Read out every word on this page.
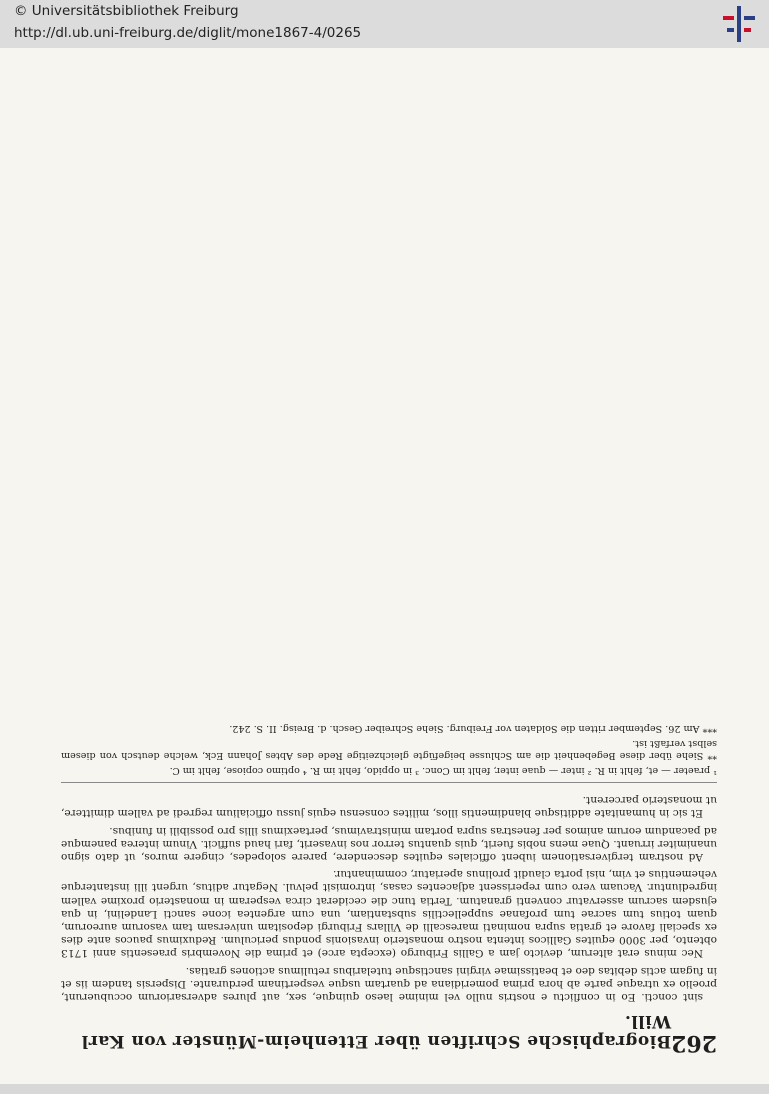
© Universitätsbibliothek Freiburg
http://dl.ub.uni-freiburg.de/diglit/mone1867-4/0265
262
Biographische Schriften über Ettenheim-Münster von Karl Will.

sint concti. Eo in conflictu e nostris nullo vel minime laeso quinque, sex, aut plures adversariorum occubuerunt, proelio ex utraque parte ab hora prima pomeridiana ad quartam usque vespertinam perdurante. Dispersis tandem iis et in fugam actis debitas deo et beatissimae virgini sanctisque tutelaribus retulimus actiones gratias.

Nec minus erat alterum, devicto jam a Gallis Friburgo (excepta arce) et prima die Novembris praesentis anni 1713 obtento, per 3000 equites Gallicos intenta nostro monasterio invasionis pondus periculum. Reduximus paucos ante dies ex speciali favore et gratia supra nominati marescalli de Villars Friburgi depositam universam tam vasorum aureorum, quam totius tum sacrae tum profanae suppellectilis substantiam, una cum argentea icone sancti Landelini, in qua ejusdem sacrum asservatur conventi granatum. Tertia tunc die ceciderat circa vesperam in monasterio proxime vallem ingrediuntur. Vacuam vero cum reperissent adjacentes casas, intromisit pelvul. Negatur aditus, urgent illi instanterque vehementius et vim, nisi porta claudit prolinus aperiatur, comminantur.

Ad nostram tergiversationem iubent officiales equites descendere, parere solopedes, cingere muros, ut dato signo unanimiter irruant. Quae mens nobis fuerit, quis quantus terror nos invaserit, fari haud sufficit. Vinum interea panemque ad pacandum eorum animos per fenestras supra portam ministravimus, pertaeximus illis pro possibili in funibus.

Et sic in humanitate additisque blandimentis illos, milites consensu equis jussu officialium regredi ad vallem dimittere, ut monasterio parcerent.

¹ praeter — et, fehlt in R. ² inter — quae inter, fehlt im Conc. ³ in oppido, fehlt im R. ⁴ optimo copiose, fehlt im C.

** Siehe über diese Begebenheit die am Schlusse beigefügte gleichzeitige Rede des Abtes Johann Eck, welche deutsch von diesem selbst verfaßt ist.

*** Am 26. September ritten die Soldaten vor Freiburg. Siehe Schreiber Gesch. d. Breisg. II. S. 242.
